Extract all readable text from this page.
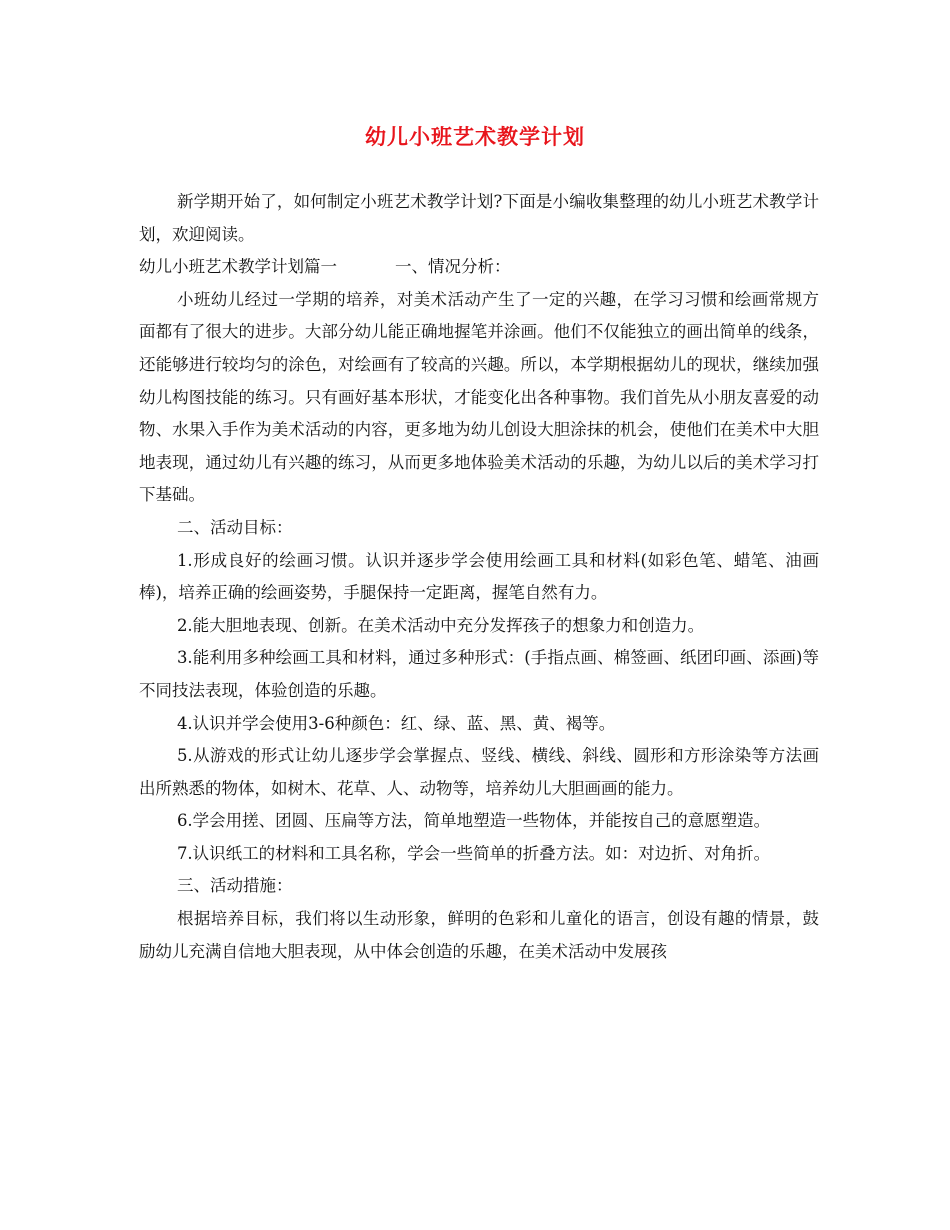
幼儿小班艺术教学计划

新学期开始了，如何制定小班艺术教学计划?下面是小编收集整理的幼儿小班艺术教学计划，欢迎阅读。

幼儿小班艺术教学计划篇一	一、情况分析：

小班幼儿经过一学期的培养，对美术活动产生了一定的兴趣，在学习习惯和绘画常规方面都有了很大的进步。大部分幼儿能正确地握笔并涂画。他们不仅能独立的画出简单的线条，还能够进行较均匀的涂色，对绘画有了较高的兴趣。所以，本学期根据幼儿的现状，继续加强幼儿构图技能的练习。只有画好基本形状，才能变化出各种事物。我们首先从小朋友喜爱的动物、水果入手作为美术活动的内容，更多地为幼儿创设大胆涂抹的机会，使他们在美术中大胆地表现，通过幼儿有兴趣的练习，从而更多地体验美术活动的乐趣，为幼儿以后的美术学习打下基础。

二、活动目标：

1.形成良好的绘画习惯。认识并逐步学会使用绘画工具和材料(如彩色笔、蜡笔、油画棒)，培养正确的绘画姿势，手腿保持一定距离，握笔自然有力。

2.能大胆地表现、创新。在美术活动中充分发挥孩子的想象力和创造力。

3.能利用多种绘画工具和材料，通过多种形式：(手指点画、棉签画、纸团印画、添画)等不同技法表现，体验创造的乐趣。

4.认识并学会使用3-6种颜色：红、绿、蓝、黑、黄、褐等。

5.从游戏的形式让幼儿逐步学会掌握点、竖线、横线、斜线、圆形和方形涂染等方法画出所熟悉的物体，如树木、花草、人、动物等，培养幼儿大胆画画的能力。

6.学会用搓、团圆、压扁等方法，简单地塑造一些物体，并能按自己的意愿塑造。

7.认识纸工的材料和工具名称，学会一些简单的折叠方法。如：对边折、对角折。

三、活动措施：

根据培养目标，我们将以生动形象，鲜明的色彩和儿童化的语言，创设有趣的情景，鼓励幼儿充满自信地大胆表现，从中体会创造的乐趣，在美术活动中发展孩
